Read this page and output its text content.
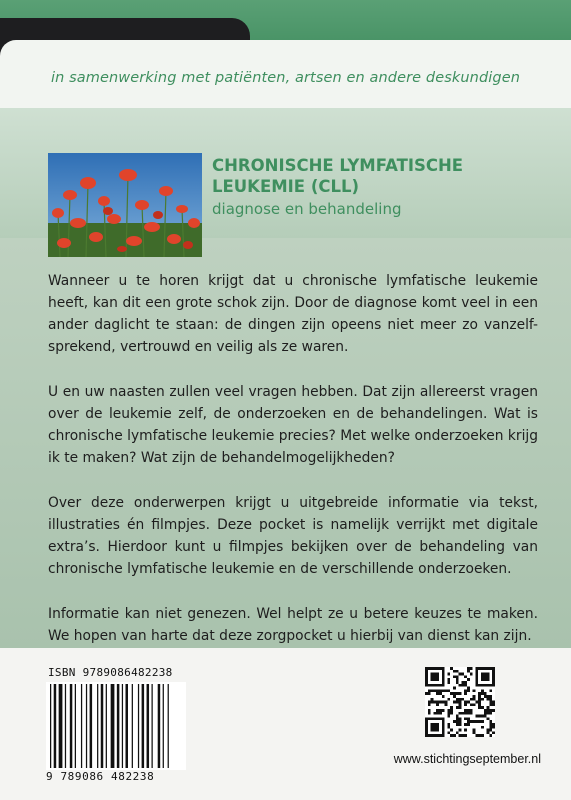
in samenwerking met patiënten, artsen en andere deskundigen
CHRONISCHE LYMFATISCHE
LEUKEMIE (CLL)
diagnose en behandeling

Wanneer u te horen krijgt dat u chronische lymfatische leukemie heeft, kan dit een grote schok zijn. Door de diagnose komt veel in een ander daglicht te staan: de dingen zijn opeens niet meer zo vanzelf-sprekend, vertrouwd en veilig als ze waren.

U en uw naasten zullen veel vragen hebben. Dat zijn allereerst vragen over de leukemie zelf, de onderzoeken en de behandelingen. Wat is chronische lymfatische leukemie precies? Met welke onderzoeken krijg ik te maken? Wat zijn de behandelmogelijkheden?

Over deze onderwerpen krijgt u uitgebreide informatie via tekst, illustraties én filmpjes. Deze pocket is namelijk verrijkt met digitale extra’s. Hierdoor kunt u filmpjes bekijken over de behandeling van chronische lymfatische leukemie en de verschillende onderzoeken.

Informatie kan niet genezen. Wel helpt ze u betere keuzes te maken. We hopen van harte dat deze zorgpocket u hierbij van dienst kan zijn.

ISBN 9789086482238
9 789086 482238
www.stichtingseptember.nl
